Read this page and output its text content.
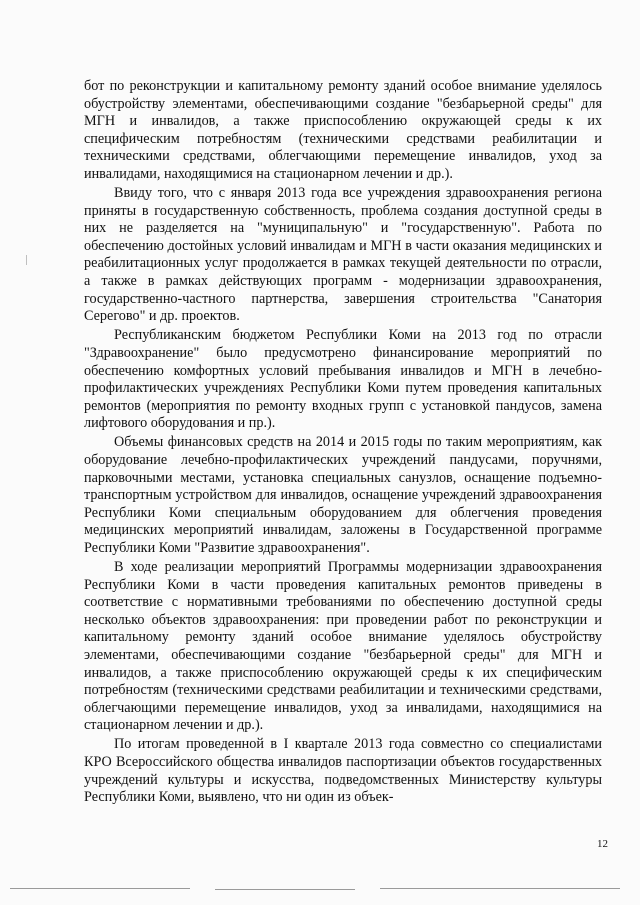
бот по реконструкции и капитальному ремонту зданий особое внимание уделялось обустройству элементами, обеспечивающими создание "безбарьерной среды" для МГН и инвалидов, а также приспособлению окружающей среды к их специфическим потребностям (техническими средствами реабилитации и техническими средствами, облегчающими перемещение инвалидов, уход за инвалидами, находящимися на стационарном лечении и др.).

Ввиду того, что с января 2013 года все учреждения здравоохранения региона приняты в государственную собственность, проблема создания доступной среды в них не разделяется на "муниципальную" и "государственную". Работа по обеспечению достойных условий инвалидам и МГН в части оказания медицинских и реабилитационных услуг продолжается в рамках текущей деятельности по отрасли, а также в рамках действующих программ - модернизации здравоохранения, государственно-частного партнерства, завершения строительства "Санатория Серегово" и др. проектов.

Республиканским бюджетом Республики Коми на 2013 год по отрасли "Здравоохранение" было предусмотрено финансирование мероприятий по обеспечению комфортных условий пребывания инвалидов и МГН в лечебно-профилактических учреждениях Республики Коми путем проведения капитальных ремонтов (мероприятия по ремонту входных групп с установкой пандусов, замена лифтового оборудования и пр.).

Объемы финансовых средств на 2014 и 2015 годы по таким мероприятиям, как оборудование лечебно-профилактических учреждений пандусами, поручнями, парковочными местами, установка специальных санузлов, оснащение подъемно-транспортным устройством для инвалидов, оснащение учреждений здравоохранения Республики Коми специальным оборудованием для облегчения проведения медицинских мероприятий инвалидам, заложены в Государственной программе Республики Коми "Развитие здравоохранения".

В ходе реализации мероприятий Программы модернизации здравоохранения Республики Коми в части проведения капитальных ремонтов приведены в соответствие с нормативными требованиями по обеспечению доступной среды несколько объектов здравоохранения: при проведении работ по реконструкции и капитальному ремонту зданий особое внимание уделялось обустройству элементами, обеспечивающими создание "безбарьерной среды" для МГН и инвалидов, а также приспособлению окружающей среды к их специфическим потребностям (техническими средствами реабилитации и техническими средствами, облегчающими перемещение инвалидов, уход за инвалидами, находящимися на стационарном лечении и др.).

По итогам проведенной в I квартале 2013 года совместно со специалистами КРО Всероссийского общества инвалидов паспортизации объектов государственных учреждений культуры и искусства, подведомственных Министерству культуры Республики Коми, выявлено, что ни один из объек-

12
